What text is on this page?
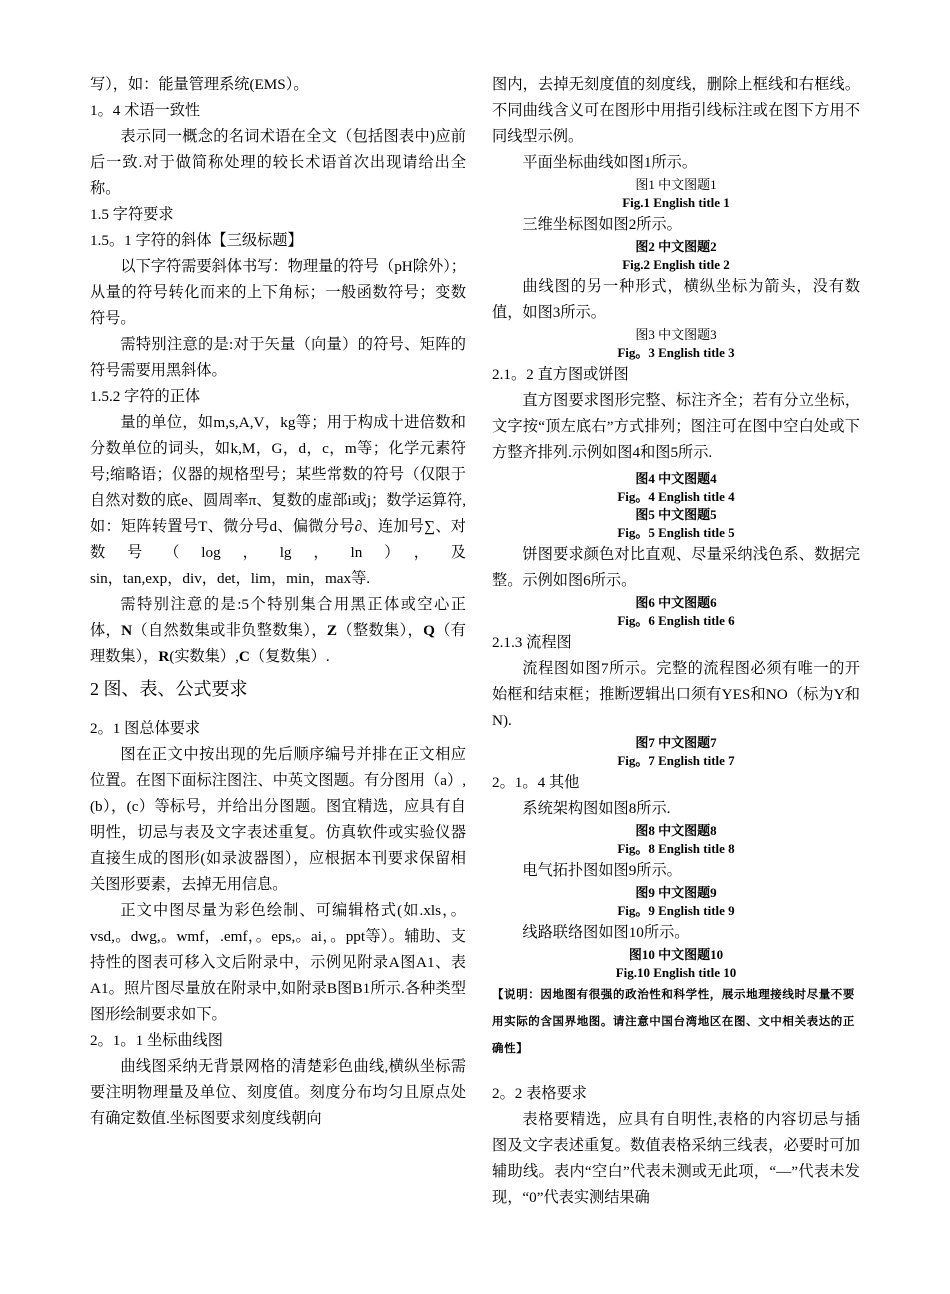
写），如：能量管理系统(EMS）。

1。4 术语一致性

表示同一概念的名词术语在全文（包括图表中)应前后一致.对于做简称处理的较长术语首次出现请给出全称。

1.5 字符要求

1.5。1 字符的斜体【三级标题】

以下字符需要斜体书写：物理量的符号（pH除外）；从量的符号转化而来的上下角标；一般函数符号；变数符号。

需特别注意的是:对于矢量（向量）的符号、矩阵的符号需要用黑斜体。

1.5.2 字符的正体

量的单位，如m,s,A,V，kg等；用于构成十进倍数和分数单位的词头，如k,M，G，d，c，m等；化学元素符号;缩略语；仪器的规格型号；某些常数的符号（仅限于自然对数的底e、圆周率π、复数的虚部i或j；数学运算符,如：矩阵转置号T、微分号d、偏微分号∂、连加号∑、对数号（log，lg，ln），及

sin，tan,exp，div，det，lim，min，max等.

需特别注意的是:5个特别集合用黑正体或空心正体，N（自然数集或非负整数集），Z（整数集），Q（有理数集），R(实数集）,C（复数集）.

2 图、表、公式要求

2。1 图总体要求

图在正文中按出现的先后顺序编号并排在正文相应位置。在图下面标注图注、中英文图题。有分图用（a）,(b），(c）等标号，并给出分图题。图宜精选，应具有自明性，切忌与表及文字表述重复。仿真软件或实验仪器直接生成的图形(如录波器图），应根据本刊要求保留相关图形要素，去掉无用信息。

正文中图尽量为彩色绘制、可编辑格式(如.xls，。vsd,。dwg,。wmf，.emf，。eps,。ai，。ppt等）。辅助、支持性的图表可移入文后附录中，示例见附录A图A1、表A1。照片图尽量放在附录中,如附录B图B1所示.各种类型图形绘制要求如下。

2。1。1 坐标曲线图

曲线图采纳无背景网格的清楚彩色曲线,横纵坐标需要注明物理量及单位、刻度值。刻度分布均匀且原点处有确定数值.坐标图要求刻度线朝向

图内，去掉无刻度值的刻度线，删除上框线和右框线。不同曲线含义可在图形中用指引线标注或在图下方用不同线型示例。

平面坐标曲线如图1所示。

图1 中文图题1

Fig.1 English title 1

三维坐标图如图2所示。

图2 中文图题2

Fig.2 English title 2

曲线图的另一种形式，横纵坐标为箭头，没有数值，如图3所示。

图3 中文图题3

Fig。3 English title 3

2.1。2 直方图或饼图

直方图要求图形完整、标注齐全；若有分立坐标，文字按“顶左底右”方式排列；图注可在图中空白处或下方整齐排列.示例如图4和图5所示.

图4 中文图题4

Fig。4 English title 4

图5 中文图题5

Fig。5 English title 5

饼图要求颜色对比直观、尽量采纳浅色系、数据完整。示例如图6所示。

图6 中文图题6

Fig。6 English title 6

2.1.3 流程图

流程图如图7所示。完整的流程图必须有唯一的开始框和结束框；推断逻辑出口须有YES和NO（标为Y和N).

图7 中文图题7

Fig。7 English title 7

2。1。4 其他

系统架构图如图8所示.

图8 中文图题8

Fig。8 English title 8

电气拓扑图如图9所示。

图9 中文图题9

Fig。9 English title 9

线路联络图如图10所示。

图10 中文图题10

Fig.10 English title 10

【说明：因地图有很强的政治性和科学性，展示地理接线时尽量不要用实际的含国界地图。请注意中国台湾地区在图、文中相关表达的正确性】

2。2 表格要求

表格要精选，应具有自明性,表格的内容切忌与插图及文字表述重复。数值表格采纳三线表，必要时可加辅助线。表内“空白”代表未测或无此项，“—”代表未发现，“0”代表实测结果确
